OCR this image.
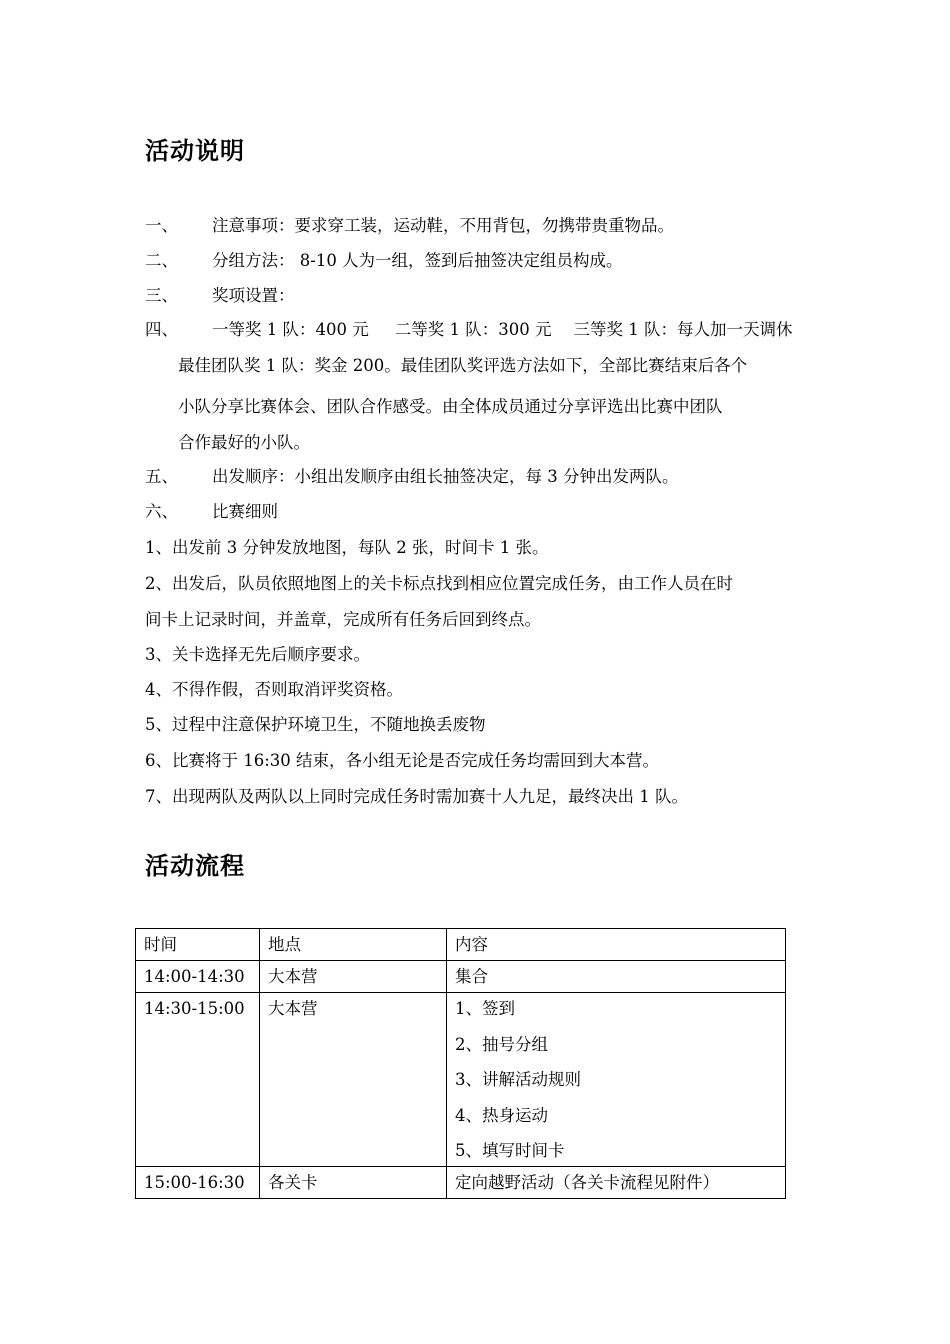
活动说明
一、 注意事项：要求穿工装，运动鞋，不用背包，勿携带贵重物品。
二、 分组方法： 8-10 人为一组，签到后抽签决定组员构成。
三、 奖项设置：
四、 一等奖 1 队：400 元 二等奖 1 队：300 元 三等奖 1 队：每人加一天调休
最佳团队奖 1 队：奖金 200。最佳团队奖评选方法如下，全部比赛结束后各个
小队分享比赛体会、团队合作感受。由全体成员通过分享评选出比赛中团队
合作最好的小队。
五、 出发顺序：小组出发顺序由组长抽签决定，每 3 分钟出发两队。
六、 比赛细则
1、出发前 3 分钟发放地图，每队 2 张，时间卡 1 张。
2、出发后，队员依照地图上的关卡标点找到相应位置完成任务，由工作人员在时
间卡上记录时间，并盖章，完成所有任务后回到终点。
3、关卡选择无先后顺序要求。
4、不得作假，否则取消评奖资格。
5、过程中注意保护环境卫生，不随地换丢废物
6、比赛将于 16:30 结束，各小组无论是否完成任务均需回到大本营。
7、出现两队及两队以上同时完成任务时需加赛十人九足，最终决出 1 队。
活动流程
时间	地点	内容
14:00-14:30	大本营	集合
14:30-15:00	大本营	1、签到
2、抽号分组
3、讲解活动规则
4、热身运动
5、填写时间卡

15:00-16:30	各关卡	定向越野活动（各关卡流程见附件）
